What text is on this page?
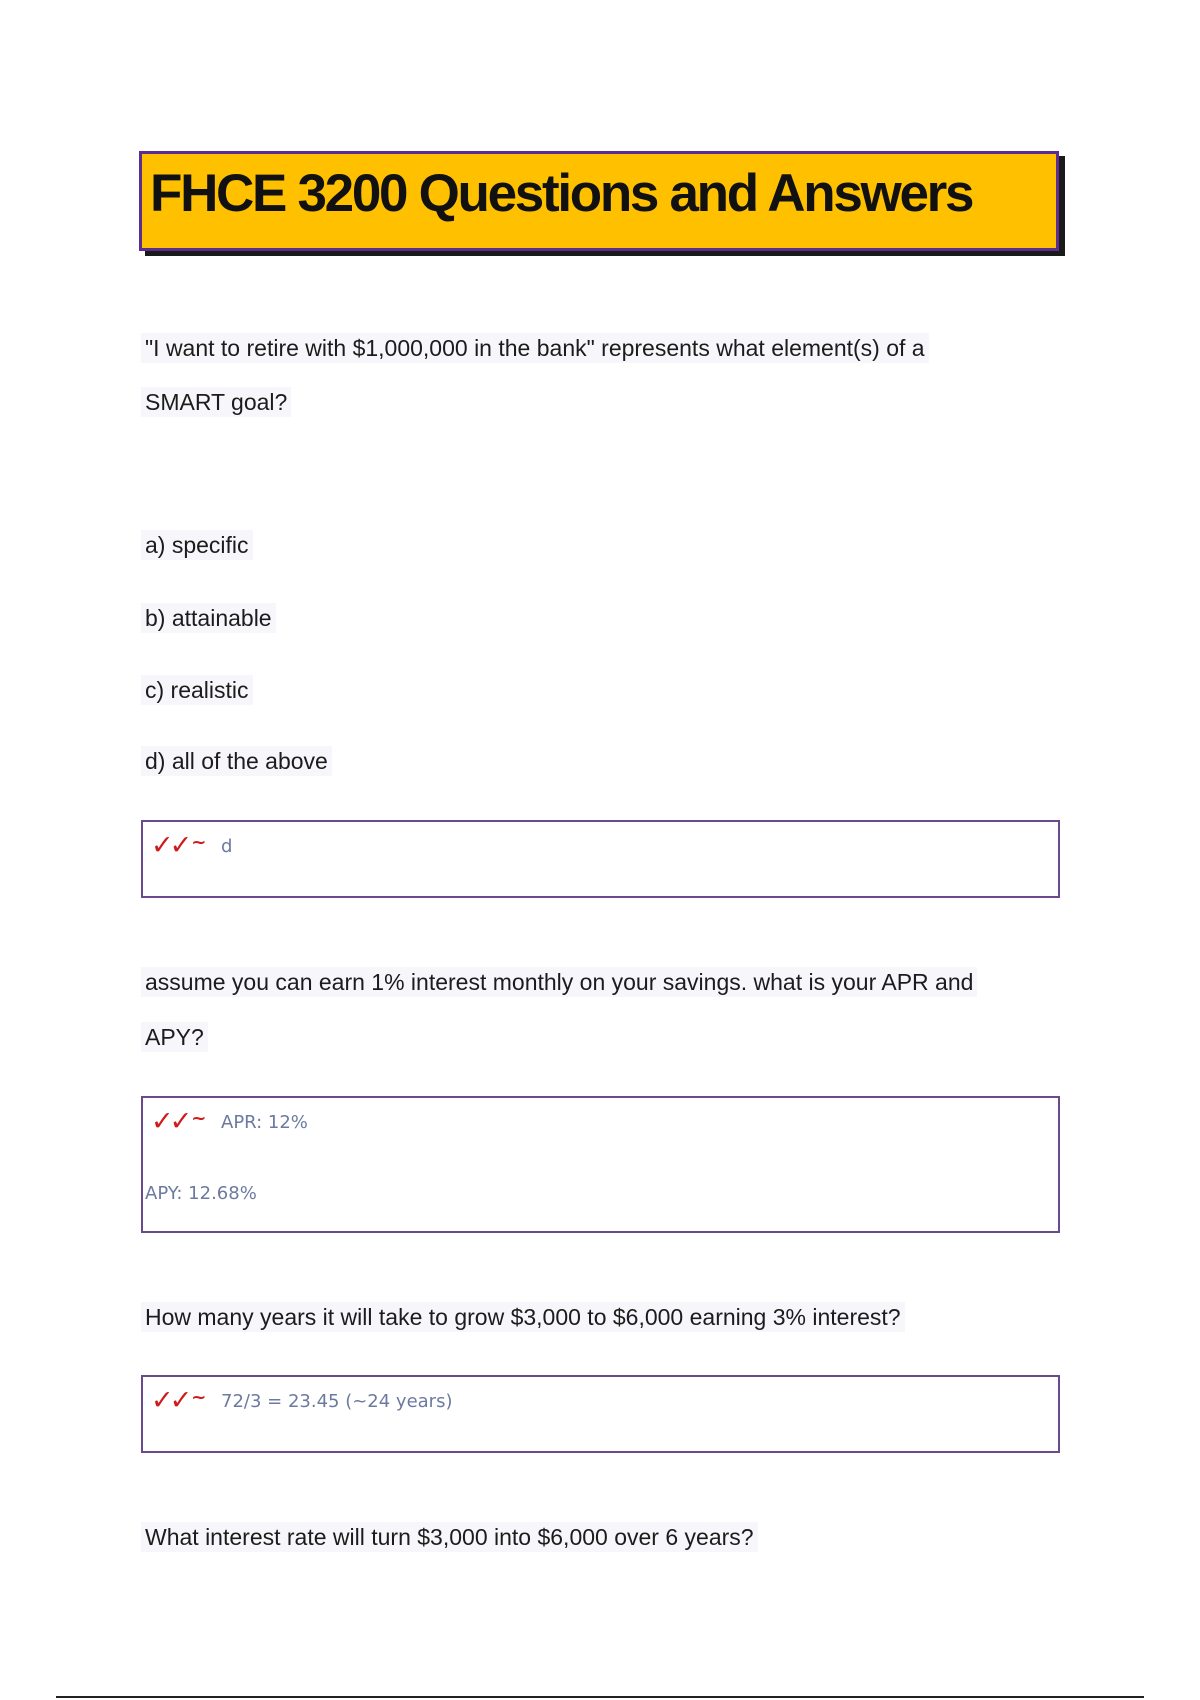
FHCE 3200 Questions and Answers
"I want to retire with $1,000,000 in the bank" represents what element(s) of a
SMART goal?
a) specific
b) attainable
c) realistic
d) all of the above
✓✓ ~ d
assume you can earn 1% interest monthly on your savings. what is your APR and
APY?
✓✓ ~ APR: 12%
APY: 12.68%
How many years it will take to grow $3,000 to $6,000 earning 3% interest?
✓✓ ~ 72/3 = 23.45 (~24 years)
What interest rate will turn $3,000 into $6,000 over 6 years?
